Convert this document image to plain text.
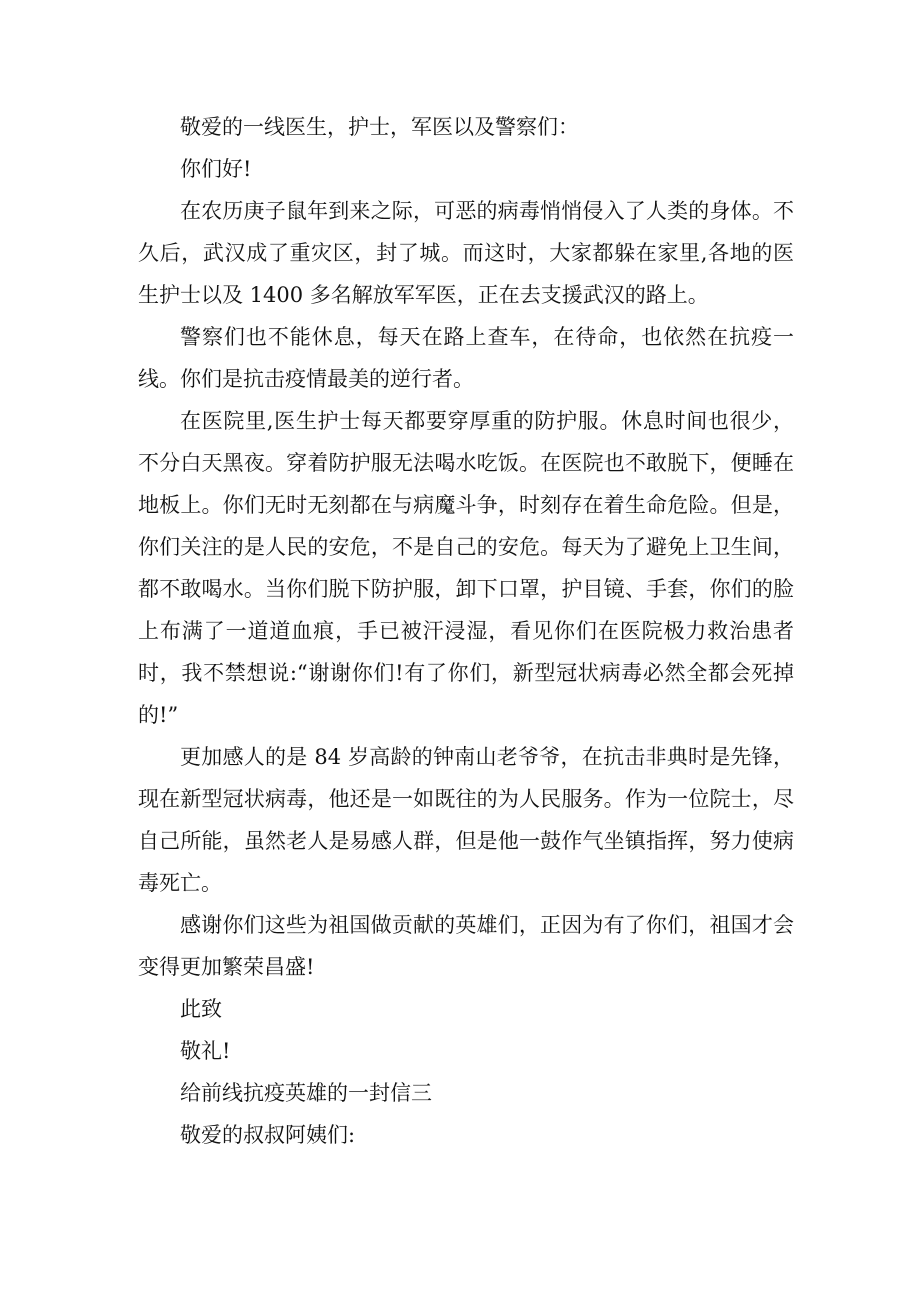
敬爱的一线医生，护士，军医以及警察们：

你们好!

在农历庚子鼠年到来之际，可恶的病毒悄悄侵入了人类的身体。不久后，武汉成了重灾区，封了城。而这时，大家都躲在家里,各地的医生护士以及 1400 多名解放军军医，正在去支援武汉的路上。

警察们也不能休息，每天在路上查车，在待命，也依然在抗疫一线。你们是抗击疫情最美的逆行者。

在医院里,医生护士每天都要穿厚重的防护服。休息时间也很少，不分白天黑夜。穿着防护服无法喝水吃饭。在医院也不敢脱下，便睡在地板上。你们无时无刻都在与病魔斗争，时刻存在着生命危险。但是，你们关注的是人民的安危，不是自己的安危。每天为了避免上卫生间，都不敢喝水。当你们脱下防护服，卸下口罩，护目镜、手套，你们的脸上布满了一道道血痕，手已被汗浸湿，看见你们在医院极力救治患者时，我不禁想说:“谢谢你们!有了你们，新型冠状病毒必然全都会死掉的!”

更加感人的是 84 岁高龄的钟南山老爷爷，在抗击非典时是先锋，现在新型冠状病毒，他还是一如既往的为人民服务。作为一位院士，尽自己所能，虽然老人是易感人群，但是他一鼓作气坐镇指挥，努力使病毒死亡。

感谢你们这些为祖国做贡献的英雄们，正因为有了你们，祖国才会变得更加繁荣昌盛!

此致

敬礼!

给前线抗疫英雄的一封信三

敬爱的叔叔阿姨们:
